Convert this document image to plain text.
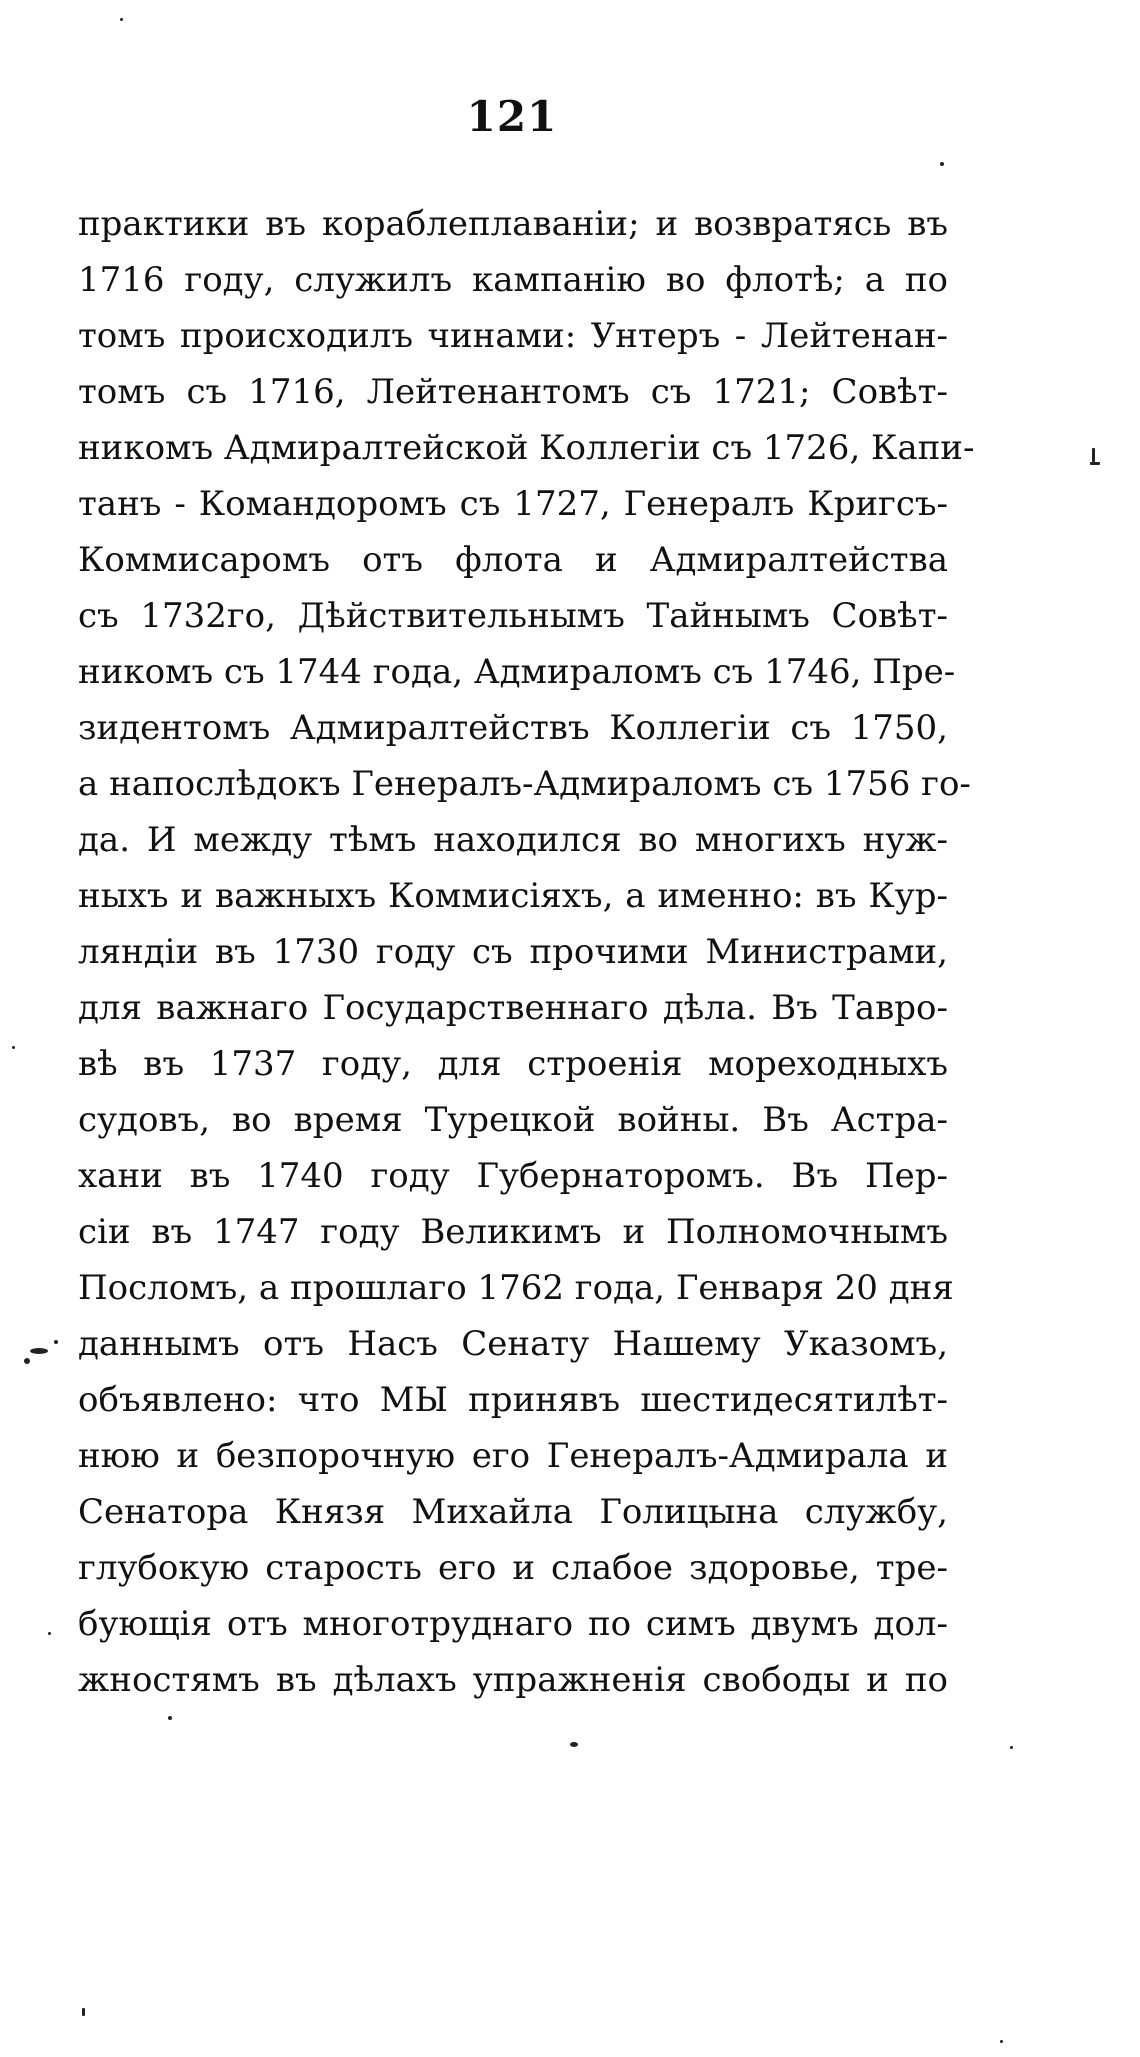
121
практики въ кораблеплаванiи; и возвратясь въ
1716 году, служилъ кампанiю во флотѣ; а по
томъ происходилъ чинами: Унтеръ - Лейтенан-
томъ съ 1716, Лейтенантомъ съ 1721; Совѣт-
никомъ Адмиралтейской Коллегiи съ 1726, Капи-
танъ - Командоромъ съ 1727, Генералъ Кригсъ-
Коммисаромъ отъ флота и Адмиралтейства
съ 1732го, Дѣйствительнымъ Тайнымъ Совѣт-
никомъ съ 1744 года, Адмираломъ съ 1746, Пре-
зидентомъ Адмиралтействъ Коллегiи съ 1750,
а напослѣдокъ Генералъ-Адмираломъ съ 1756 го-
да. И между тѣмъ находился во многихъ нуж-
ныхъ и важныхъ Коммисiяхъ, а именно: въ Кур-
ляндiи въ 1730 году съ прочими Министрами,
для важнаго Государственнаго дѣла. Въ Тавро-
вѣ въ 1737 году, для строенiя мореходныхъ
судовъ, во время Турецкой войны. Въ Астра-
хани въ 1740 году Губернаторомъ. Въ Пер-
сiи въ 1747 году Великимъ и Полномочнымъ
Посломъ, а прошлаго 1762 года, Генваря 20 дня
даннымъ отъ Насъ Сенату Нашему Указомъ,
объявлено: что МЫ принявъ шестидесятилѣт-
нюю и безпорочную его Генералъ-Адмирала и
Сенатора Князя Михайла Голицына службу,
глубокую старость его и слабое здоровье, тре-
бующiя отъ многотруднаго по симъ двумъ дол-
жностямъ въ дѣлахъ упражненiя свободы и по
